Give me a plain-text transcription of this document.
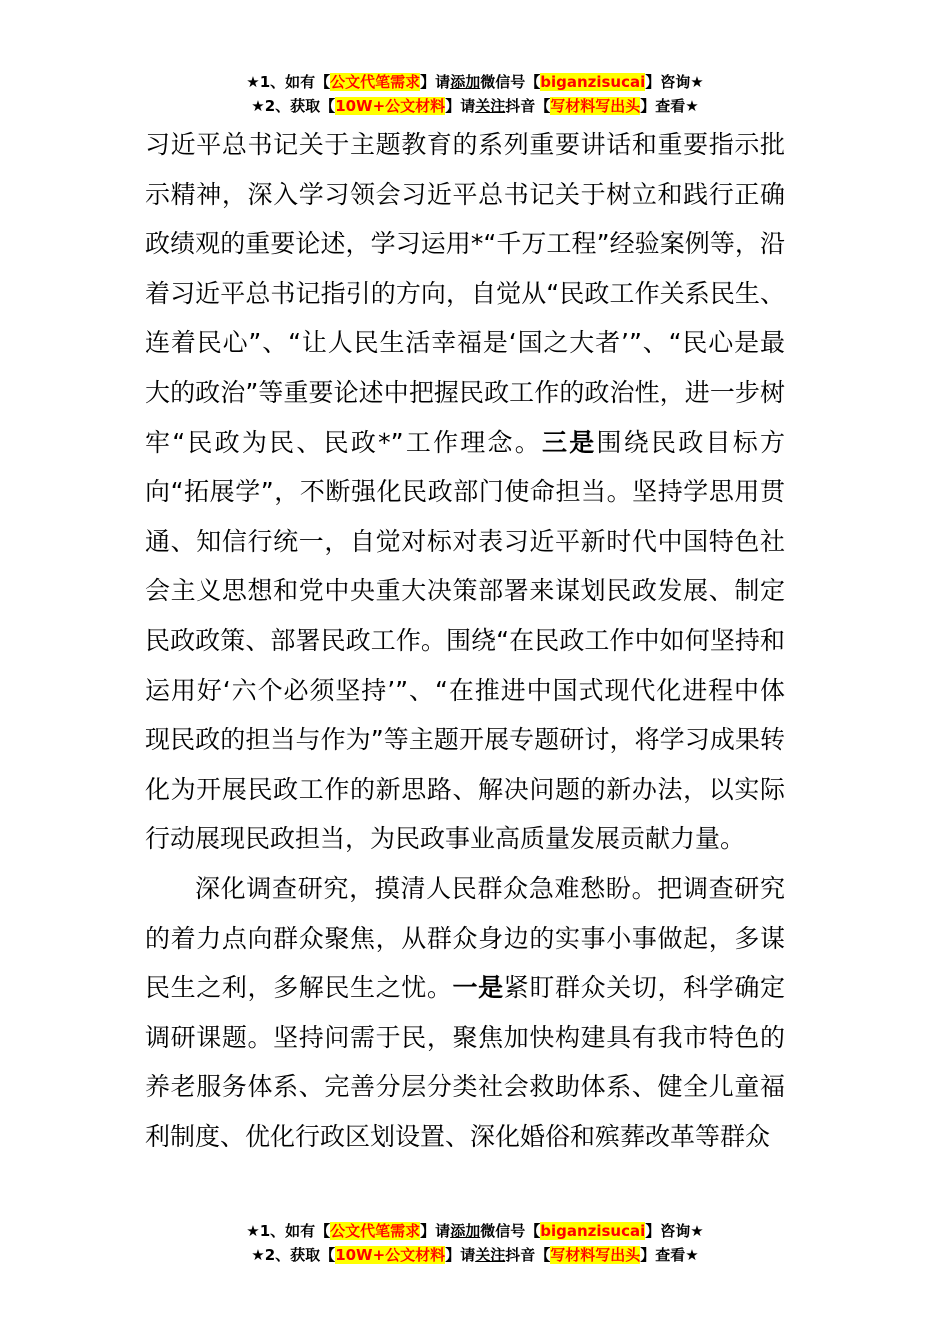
★1、如有【公文代笔需求】请添加微信号【biganzisucai】咨询★
★2、获取【10W+公文材料】请关注抖音【写材料写出头】查看★

习近平总书记关于主题教育的系列重要讲话和重要指示批示精神，深入学习领会习近平总书记关于树立和践行正确政绩观的重要论述，学习运用*“千万工程”经验案例等，沿着习近平总书记指引的方向，自觉从“民政工作关系民生、连着民心”、“让人民生活幸福是‘国之大者’”、“民心是最大的政治”等重要论述中把握民政工作的政治性，进一步树牢“民政为民、民政*”工作理念。三是围绕民政目标方向“拓展学”，不断强化民政部门使命担当。坚持学思用贯通、知信行统一，自觉对标对表习近平新时代中国特色社会主义思想和党中央重大决策部署来谋划民政发展、制定民政政策、部署民政工作。围绕“在民政工作中如何坚持和运用好‘六个必须坚持’”、“在推进中国式现代化进程中体现民政的担当与作为”等主题开展专题研讨，将学习成果转化为开展民政工作的新思路、解决问题的新办法，以实际行动展现民政担当，为民政事业高质量发展贡献力量。

深化调查研究，摸清人民群众急难愁盼。把调查研究的着力点向群众聚焦，从群众身边的实事小事做起，多谋民生之利，多解民生之忧。一是紧盯群众关切，科学确定调研课题。坚持问需于民，聚焦加快构建具有我市特色的养老服务体系、完善分层分类社会救助体系、健全儿童福利制度、优化行政区划设置、深化婚俗和殡葬改革等群众

★1、如有【公文代笔需求】请添加微信号【biganzisucai】咨询★
★2、获取【10W+公文材料】请关注抖音【写材料写出头】查看★
